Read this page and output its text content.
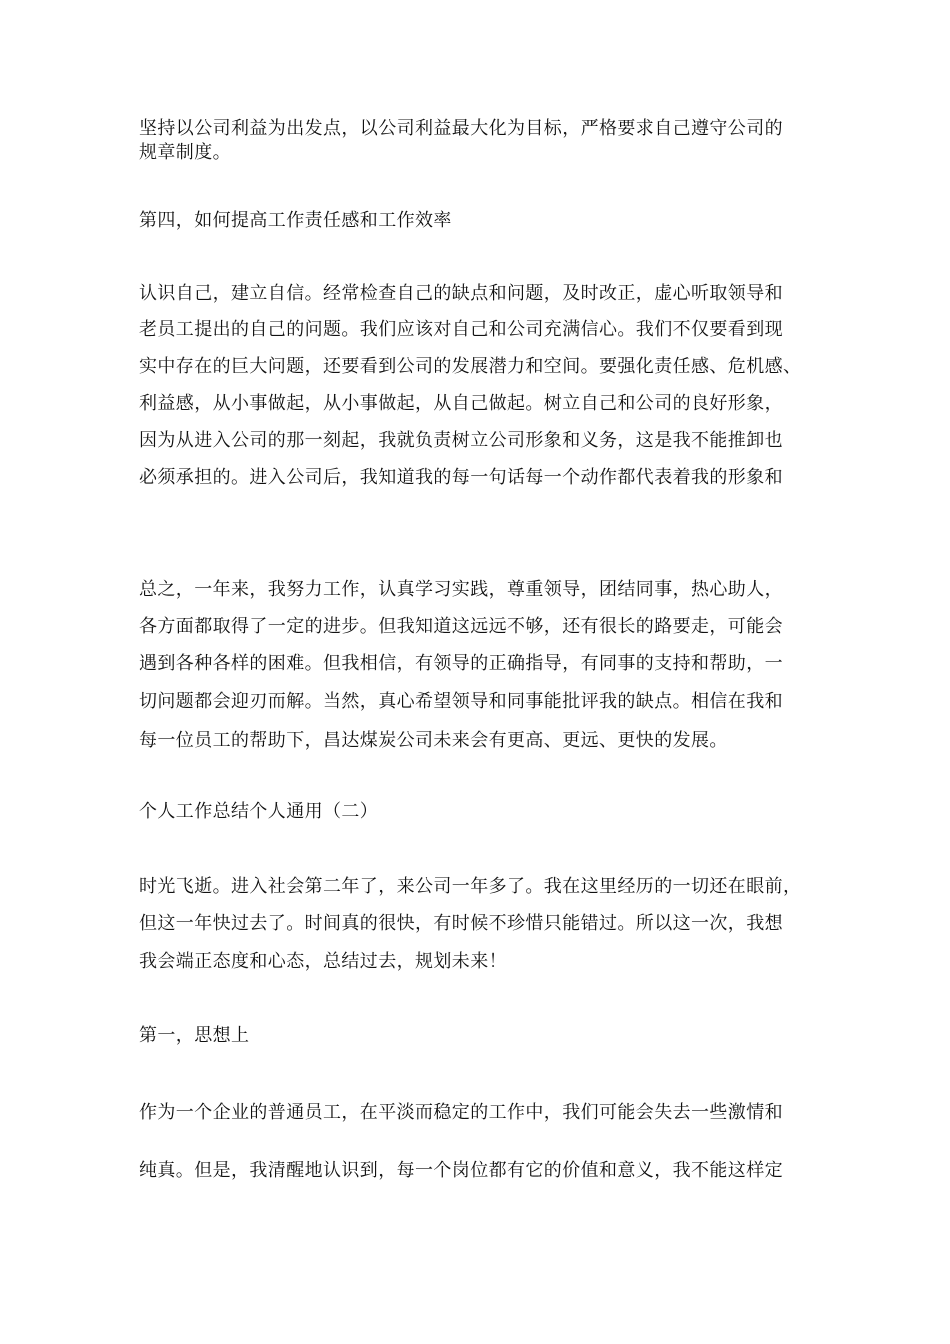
坚持以公司利益为出发点，以公司利益最大化为目标，严格要求自己遵守公司的
规章制度。
第四，如何提高工作责任感和工作效率
认识自己，建立自信。经常检查自己的缺点和问题，及时改正，虚心听取领导和
老员工提出的自己的问题。我们应该对自己和公司充满信心。我们不仅要看到现
实中存在的巨大问题，还要看到公司的发展潜力和空间。要强化责任感、危机感、
利益感，从小事做起，从小事做起，从自己做起。树立自己和公司的良好形象，
因为从进入公司的那一刻起，我就负责树立公司形象和义务，这是我不能推卸也
必须承担的。进入公司后，我知道我的每一句话每一个动作都代表着我的形象和
总之，一年来，我努力工作，认真学习实践，尊重领导，团结同事，热心助人，
各方面都取得了一定的进步。但我知道这远远不够，还有很长的路要走，可能会
遇到各种各样的困难。但我相信，有领导的正确指导，有同事的支持和帮助，一
切问题都会迎刃而解。当然，真心希望领导和同事能批评我的缺点。相信在我和
每一位员工的帮助下，昌达煤炭公司未来会有更高、更远、更快的发展。
个人工作总结个人通用（二）
时光飞逝。进入社会第二年了，来公司一年多了。我在这里经历的一切还在眼前，
但这一年快过去了。时间真的很快，有时候不珍惜只能错过。所以这一次，我想
我会端正态度和心态，总结过去，规划未来！
第一，思想上
作为一个企业的普通员工，在平淡而稳定的工作中，我们可能会失去一些激情和
纯真。但是，我清醒地认识到，每一个岗位都有它的价值和意义，我不能这样定
